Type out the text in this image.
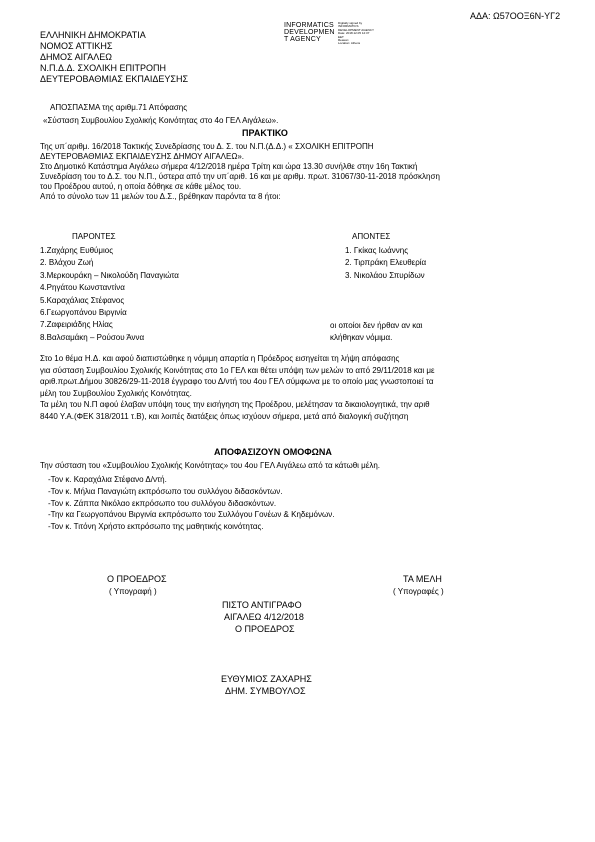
ΑΔΑ: Ω57ΟΟΞ6Ν-ΥΓ2
INFORMATICS
DEVELOPMEN
T AGENCY
Digitally signed by
INFORMATICS
DEVELOPMENT AGENCY
Date: 2018.12.05 12:37
EET
Reason:
Location: Athens
ΕΛΛΗΝΙΚΗ ΔΗΜΟΚΡΑΤΙΑ
ΝΟΜΟΣ ΑΤΤΙΚΗΣ
ΔΗΜΟΣ ΑΙΓΑΛΕΩ
Ν.Π.Δ.Δ. ΣΧΟΛΙΚΗ ΕΠΙΤΡΟΠΗ
ΔΕΥΤΕΡΟΒΑΘΜΙΑΣ ΕΚΠΑΙΔΕΥΣΗΣ
ΑΠΟΣΠΑΣΜΑ της αριθμ.71 Απόφασης
«Σύσταση Συμβουλίου Σχολικής Κοινότητας στο 4ο ΓΕΛ Αιγάλεω».
ΠΡΑΚΤΙΚΟ
Της υπ΄αριθμ. 16/2018 Τακτικής Συνεδρίασης του Δ. Σ. του Ν.Π.(Δ.Δ.) « ΣΧΟΛΙΚΗ ΕΠΙΤΡΟΠΗ
ΔΕΥΤΕΡΟΒΑΘΜΙΑΣ ΕΚΠΑΙΔΕΥΣΗΣ ΔΗΜΟΥ ΑΙΓΑΛΕΩ».
Στο Δημοτικό Κατάστημα Αιγάλεω σήμερα 4/12/2018 ημέρα Τρίτη και ώρα 13.30 συνήλθε στην 16η Τακτική
Συνεδρίαση του το Δ.Σ. του Ν.Π., ύστερα από την υπ΄αριθ. 16 και με αριθμ. πρωτ. 31067/30-11-2018 πρόσκληση
του Προέδρου αυτού, η οποία δόθηκε σε κάθε μέλος του.
Από το σύνολο των 11 μελών του Δ.Σ., βρέθηκαν παρόντα τα 8 ήτοι:
ΠΑΡΟΝΤΕΣ	ΑΠΟΝΤΕΣ
1.Ζαχάρης Ευθύμιος
2. Βλάχου Ζωή
3.Μερκουράκη – Νικολούδη Παναγιώτα
4.Ρηγάτου Κωνσταντίνα
5.Καραχάλιας Στέφανος
6.Γεωργοπάνου Βιργινία
7.Ζαφειριάδης Ηλίας
8.Βαλσαμάκη – Ρούσου Άννα
1. Γκίκας Ιωάννης
2. Τιρπράκη Ελευθερία
3. Νικολάου Σπυρίδων
οι οποίοι δεν ήρθαν αν και
κλήθηκαν νόμιμα.
Στο 1ο θέμα Η.Δ. και αφού διαπιστώθηκε η νόμιμη απαρτία η Πρόεδρος εισηγείται τη λήψη απόφασης
για σύσταση Συμβουλίου Σχολικής Κοινότητας στο 1ο ΓΕΛ και θέτει υπόψη των μελών το από 29/11/2018 και με
αριθ.πρωτ.Δήμου 30826/29-11-2018 έγγραφο του Δ/ντή του 4ου ΓΕΛ σύμφωνα με το οποίο μας γνωστοποιεί τα
μέλη του Συμβουλίου Σχολικής Κοινότητας.
Τα μέλη του Ν.Π αφού έλαβαν υπόψη τους την εισήγηση της Προέδρου, μελέτησαν τα δικαιολογητικά, την αριθ
8440 Υ.Α.(ΦΕΚ 318/2011 τ.Β), και λοιπές διατάξεις όπως ισχύουν σήμερα, μετά από διαλογική συζήτηση
ΑΠΟΦΑΣΙΖΟΥΝ ΟΜΟΦΩΝΑ
Την σύσταση του «Συμβουλίου Σχολικής Κοινότητας» του 4ου ΓΕΛ Αιγάλεω από τα κάτωθι μέλη.
-Τον κ. Καραχάλια Στέφανο Δ/ντή.
-Τον κ. Μήλια Παναγιώτη εκπρόσωπο του συλλόγου διδασκόντων.
-Τον κ. Ζάππα Νικόλαο εκπρόσωπο του συλλόγου διδασκόντων.
-Την κα Γεωργοπάνου Βιργινία εκπρόσωπο του Συλλόγου Γονέων & Κηδεμόνων.
-Τον κ. Τιτόνη Χρήστο εκπρόσωπο της μαθητικής κοινότητας.
Ο ΠΡΟΕΔΡΟΣ
( Υπογραφή )
ΤΑ ΜΕΛΗ
( Υπογραφές )
ΠΙΣΤΟ ΑΝΤΙΓΡΑΦΟ
ΑΙΓΑΛΕΩ 4/12/2018
Ο ΠΡΟΕΔΡΟΣ
ΕΥΘΥΜΙΟΣ ΖΑΧΑΡΗΣ
ΔΗΜ. ΣΥΜΒΟΥΛΟΣ
